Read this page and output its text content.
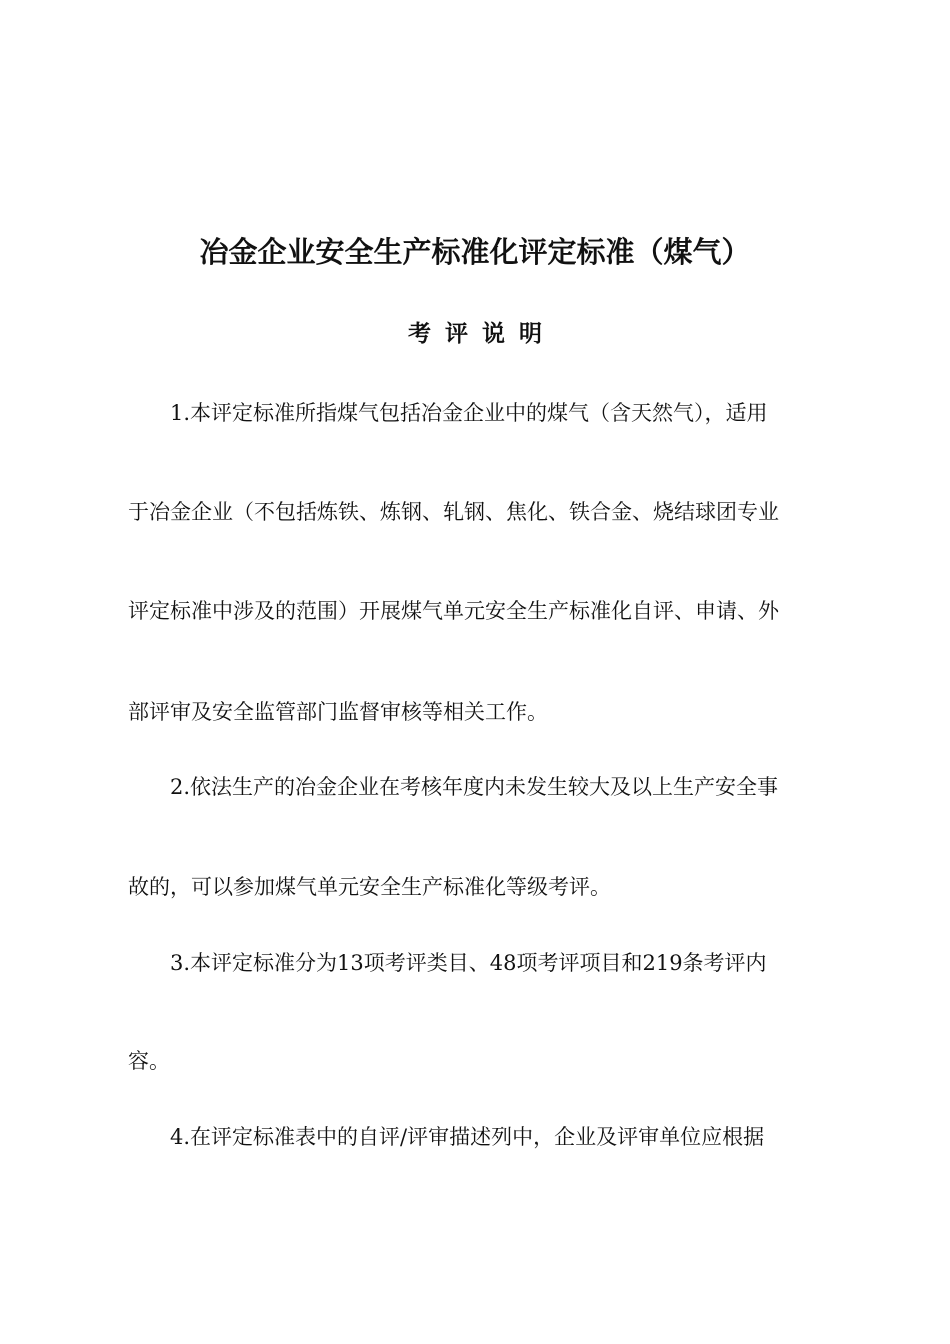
冶金企业安全生产标准化评定标准（煤气）
考评说明
1.本评定标准所指煤气包括冶金企业中的煤气（含天然气），适用
于冶金企业（不包括炼铁、炼钢、轧钢、焦化、铁合金、烧结球团专业
评定标准中涉及的范围）开展煤气单元安全生产标准化自评、申请、外
部评审及安全监管部门监督审核等相关工作。
2.依法生产的冶金企业在考核年度内未发生较大及以上生产安全事
故的，可以参加煤气单元安全生产标准化等级考评。
3.本评定标准分为13项考评类目、48项考评项目和219条考评内
容。
4.在评定标准表中的自评/评审描述列中，企业及评审单位应根据
